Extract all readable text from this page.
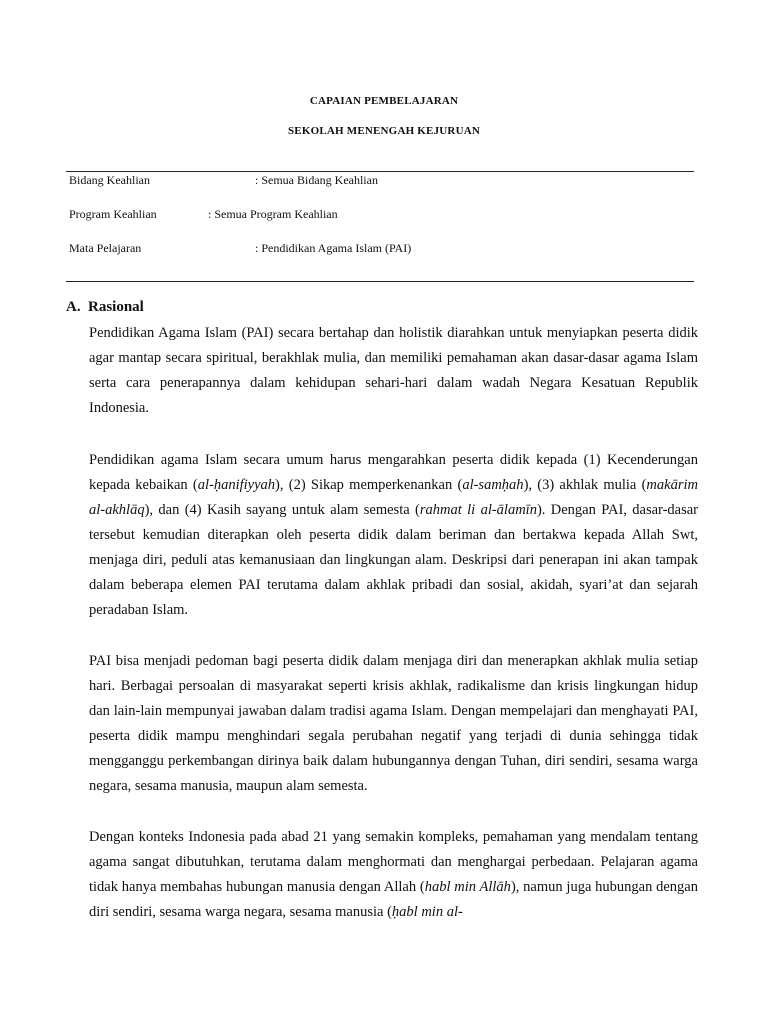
CAPAIAN PEMBELAJARAN
SEKOLAH MENENGAH KEJURUAN
Bidang Keahlian	: Semua Bidang Keahlian
Program Keahlian	: Semua Program Keahlian
Mata Pelajaran	: Pendidikan Agama Islam (PAI)
A. Rasional

Pendidikan Agama Islam (PAI) secara bertahap dan holistik diarahkan untuk menyiapkan peserta didik agar mantap secara spiritual, berakhlak mulia, dan memiliki pemahaman akan dasar-dasar agama Islam serta cara penerapannya dalam kehidupan sehari-hari dalam wadah Negara Kesatuan Republik Indonesia.

Pendidikan agama Islam secara umum harus mengarahkan peserta didik kepada (1) Kecenderungan kepada kebaikan (al-ḥanifiyyah), (2) Sikap memperkenankan (al-samḥah), (3) akhlak mulia (makārim al-akhlāq), dan (4) Kasih sayang untuk alam semesta (rahmat li al-ālamīn). Dengan PAI, dasar-dasar tersebut kemudian diterapkan oleh peserta didik dalam beriman dan bertakwa kepada Allah Swt, menjaga diri, peduli atas kemanusiaan dan lingkungan alam. Deskripsi dari penerapan ini akan tampak dalam beberapa elemen PAI terutama dalam akhlak pribadi dan sosial, akidah, syari’at dan sejarah peradaban Islam.

PAI bisa menjadi pedoman bagi peserta didik dalam menjaga diri dan menerapkan akhlak mulia setiap hari. Berbagai persoalan di masyarakat seperti krisis akhlak, radikalisme dan krisis lingkungan hidup dan lain-lain mempunyai jawaban dalam tradisi agama Islam. Dengan mempelajari dan menghayati PAI, peserta didik mampu menghindari segala perubahan negatif yang terjadi di dunia sehingga tidak mengganggu perkembangan dirinya baik dalam hubungannya dengan Tuhan, diri sendiri, sesama warga negara, sesama manusia, maupun alam semesta.

Dengan konteks Indonesia pada abad 21 yang semakin kompleks, pemahaman yang mendalam tentang agama sangat dibutuhkan, terutama dalam menghormati dan menghargai perbedaan. Pelajaran agama tidak hanya membahas hubungan manusia dengan Allah (habl min Allāh), namun juga hubungan dengan diri sendiri, sesama warga negara, sesama manusia (ḥabl min al-
